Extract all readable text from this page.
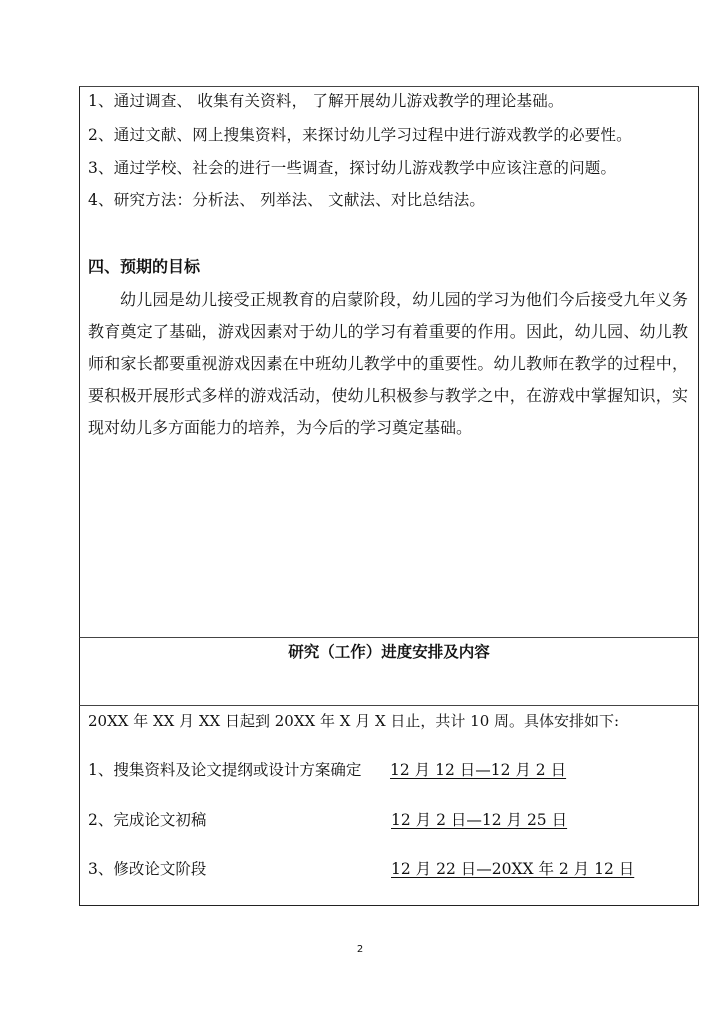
1、通过调查、 收集有关资料， 了解开展幼儿游戏教学的理论基础。
2、通过文献、网上搜集资料，来探讨幼儿学习过程中进行游戏教学的必要性。
3、通过学校、社会的进行一些调查，探讨幼儿游戏教学中应该注意的问题。
4、研究方法：分析法、 列举法、 文献法、对比总结法。
四、预期的目标
幼儿园是幼儿接受正规教育的启蒙阶段，幼儿园的学习为他们今后接受九年义务教育奠定了基础，游戏因素对于幼儿的学习有着重要的作用。因此，幼儿园、幼儿教师和家长都要重视游戏因素在中班幼儿教学中的重要性。幼儿教师在教学的过程中，要积极开展形式多样的游戏活动，使幼儿积极参与教学之中，在游戏中掌握知识，实现对幼儿多方面能力的培养，为今后的学习奠定基础。
研究（工作）进度安排及内容
20XX 年 XX 月 XX 日起到 20XX 年 X 月 X 日止，共计 10 周。具体安排如下:
1、搜集资料及论文提纲或设计方案确定 12 月 12 日—12 月 2 日
2、完成论文初稿	12 月 2 日—12 月 25 日
3、修改论文阶段	12 月 22 日—20XX 年 2 月 12 日
2
